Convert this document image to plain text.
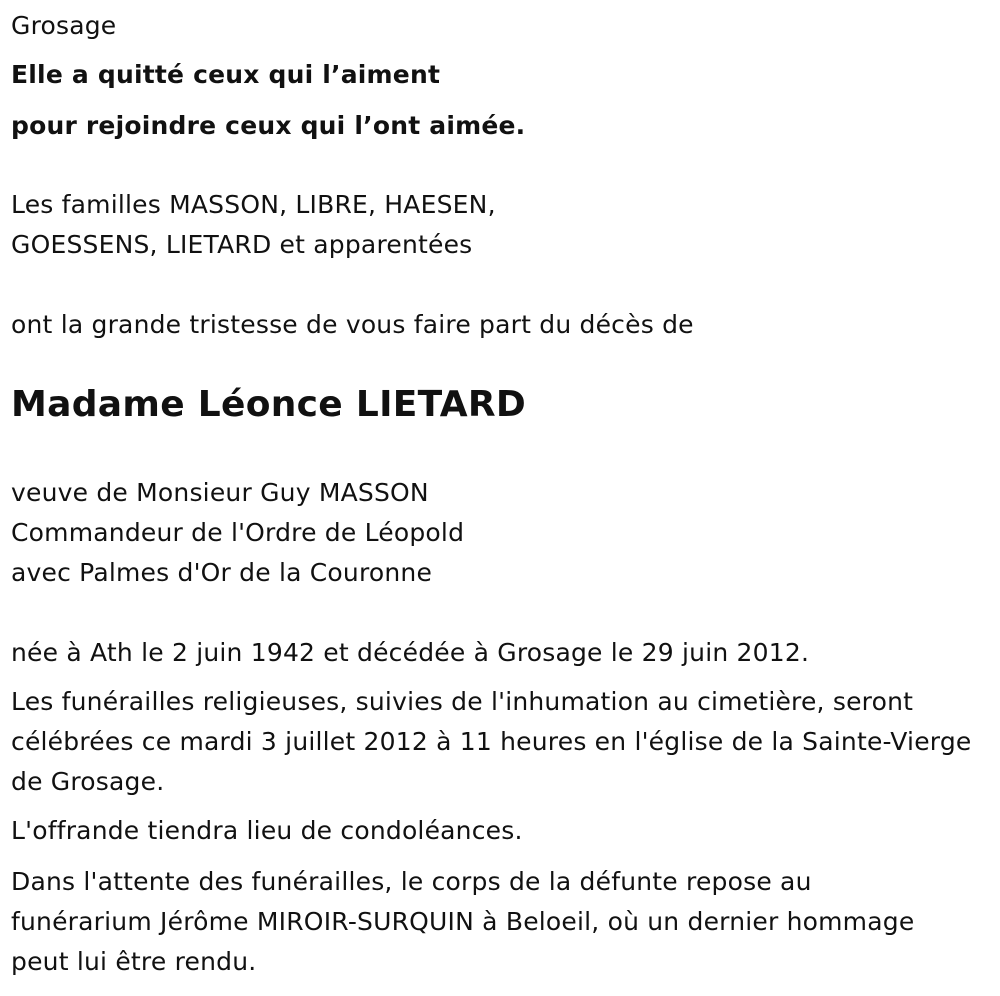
Grosage
Elle a quitté ceux qui l’aiment
pour rejoindre ceux qui l’ont aimée.
Les familles MASSON, LIBRE, HAESEN,
GOESSENS, LIETARD et apparentées
ont la grande tristesse de vous faire part du décès de
Madame Léonce LIETARD
veuve de Monsieur Guy MASSON
Commandeur de l'Ordre de Léopold
avec Palmes d'Or de la Couronne
née à Ath le 2 juin 1942 et décédée à Grosage le 29 juin 2012.
Les funérailles religieuses, suivies de l'inhumation au cimetière, seront
célébrées ce mardi 3 juillet 2012 à 11 heures en l'église de la Sainte-Vierge
de Grosage.
L'offrande tiendra lieu de condoléances.
Dans l'attente des funérailles, le corps de la défunte repose au
funérarium Jérôme MIROIR-SURQUIN à Beloeil, où un dernier hommage
peut lui être rendu.
